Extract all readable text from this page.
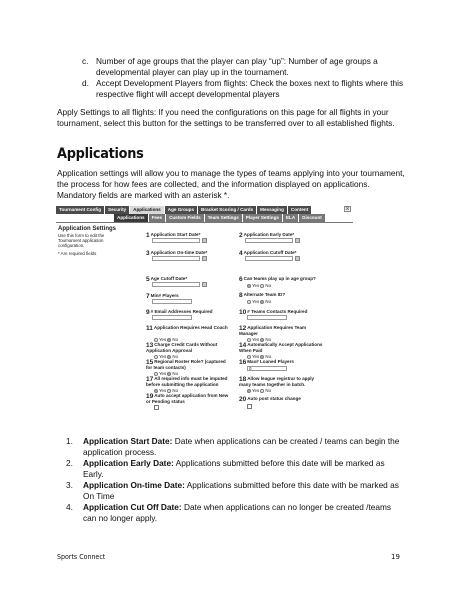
c. Number of age groups that the player can play “up”: Number of age groups a developmental player can play up in the tournament.
d. Accept Development Players from flights: Check the boxes next to flights where this respective flight will accept developmental players

Apply Settings to all flights: If you need the configurations on this page for all flights in your tournament, select this button for the settings to be transferred over to all established flights.

Applications

Application settings will allow you to manage the types of teams applying into your tournament, the process for how fees are collected, and the information displayed on applications. Mandatory fields are marked with an asterisk *.

Tournament Config	Security	Applications	Age Groups	Bracket Scoring / Cards	Messaging	Content	⊠
Applications	Fees	Custom Fields	Team Settings	Player Settings	ELA	Discount
Application Settings
Use this form to edit the Tournament application configuration.
* Are required fields
1Application Start Date*	2Application Early Date*
3Application On-time Date*	4Application Cutoff Date*
5Age Cutoff Date*	6Can teams play up in age group?
Yes No
7Min# Players	8Alternate Team ID?
Yes No
9# Email Addresses Required	10# Teams Contacts Required
11Application Requires Head Coach
Yes No
12Application Requires Team Manager
Yes No
13Charge Credit Cards Without Application Approval
Yes No
14Automatically Accept Applications When Paid
Yes No
15Regional Roster Role? (captured for team contacts)
Yes No
16Max# Loaned Players
0
17All required info must be imputed before submitting the application
Yes No
18Allow league registrar to apply many teams together in batch.
Yes No
19Auto accept application from New or Pending status	20Auto post status change
1. Application Start Date: Date when applications can be created / teams can begin the application process.
2. Application Early Date: Applications submitted before this date will be marked as Early.
3. Application On-time Date: Applications submitted before this date with be marked as On Time
4. Application Cut Off Date: Date when applications can no longer be created /teams can no longer apply.
Sports Connect	19
